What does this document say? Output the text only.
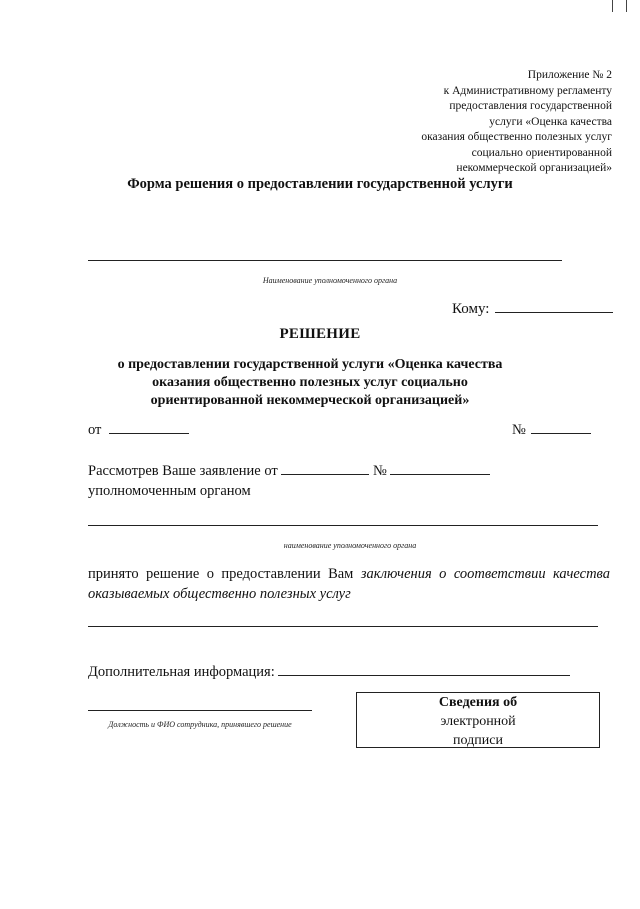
Приложение № 2
к Административному регламенту
предоставления государственной
услуги «Оценка качества
оказания общественно полезных услуг
социально ориентированной
некоммерческой организацией»
Форма решения о предоставлении государственной услуги
Наименование уполномоченного органа
Кому:
РЕШЕНИЕ
о предоставлении государственной услуги «Оценка качества оказания общественно полезных услуг социально ориентированной некоммерческой организацией»
от	№
Рассмотрев Ваше заявление от	№
уполномоченным органом
наименование уполномоченного органа
принято решение о предоставлении Вам заключения о соответствии качества оказываемых общественно полезных услуг
Дополнительная информация:
Должность и ФИО сотрудника, принявшего решение
Сведения об
электронной
подписи
